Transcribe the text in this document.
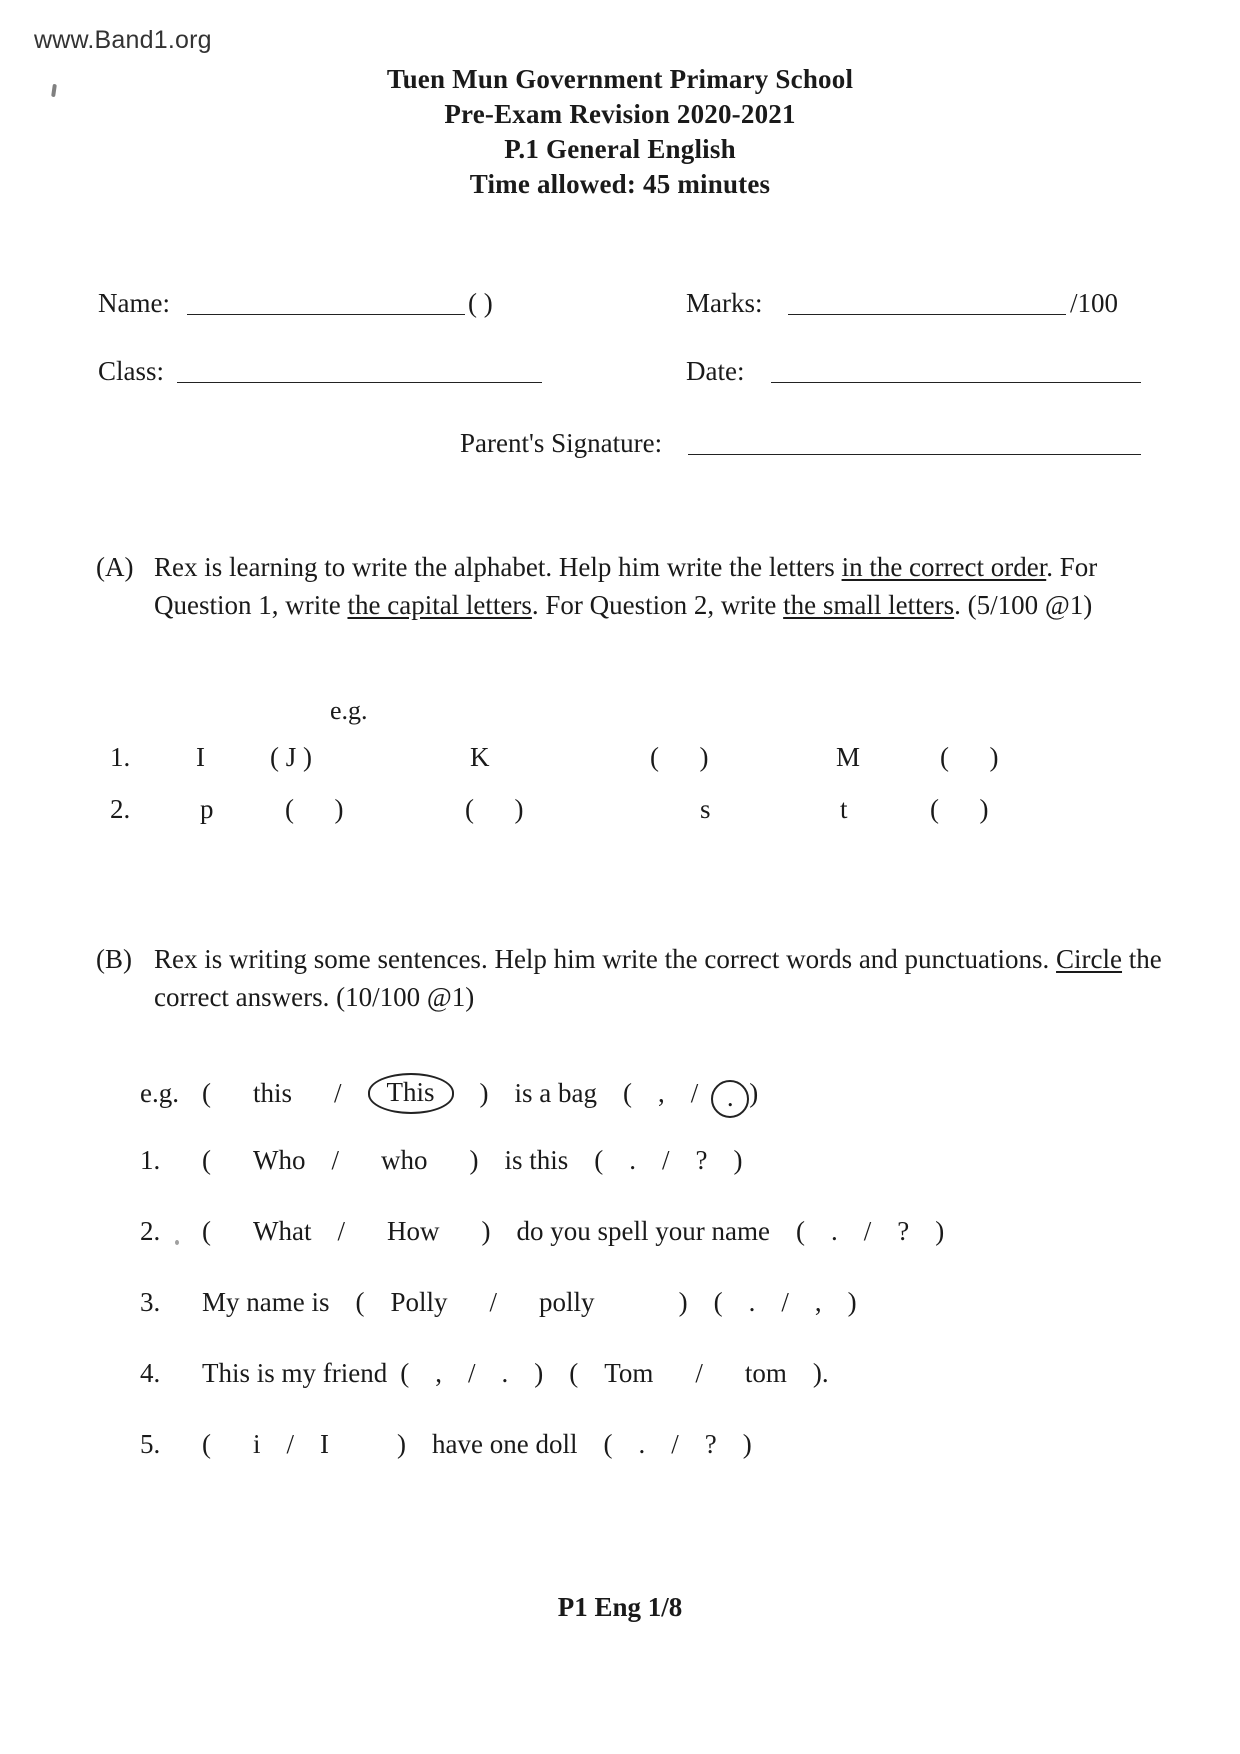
www.Band1.org
Tuen Mun Government Primary School
Pre-Exam Revision 2020-2021
P.1 General English
Time allowed: 45 minutes
Name:	( )	Marks:	/100
Class:	Date:
Parent's Signature:
(A) Rex is learning to write the alphabet. Help him write the letters in the correct order. For Question 1, write the capital letters. For Question 2, write the small letters. (5/100 @1)
e.g.
1. I ( J )	K	(      )	M	(      )
2.	p	(      )	(      )	s	t	(      )
(B) Rex is writing some sentences. Help him write the correct words and punctuations. Circle the correct answers. (10/100 @1)
e.g. ( this / This ) is a bag ( , / . )
1. ( Who / who ) is this ( . / ? )
2. ( What / How ) do you spell your name ( . / ? )
3. My name is ( Polly / polly	) ( . / , )
4. This is my friend ( , / . ) ( Tom / tom ).
5. ( i / I	) have one doll ( . / ? )
P1 Eng 1/8
